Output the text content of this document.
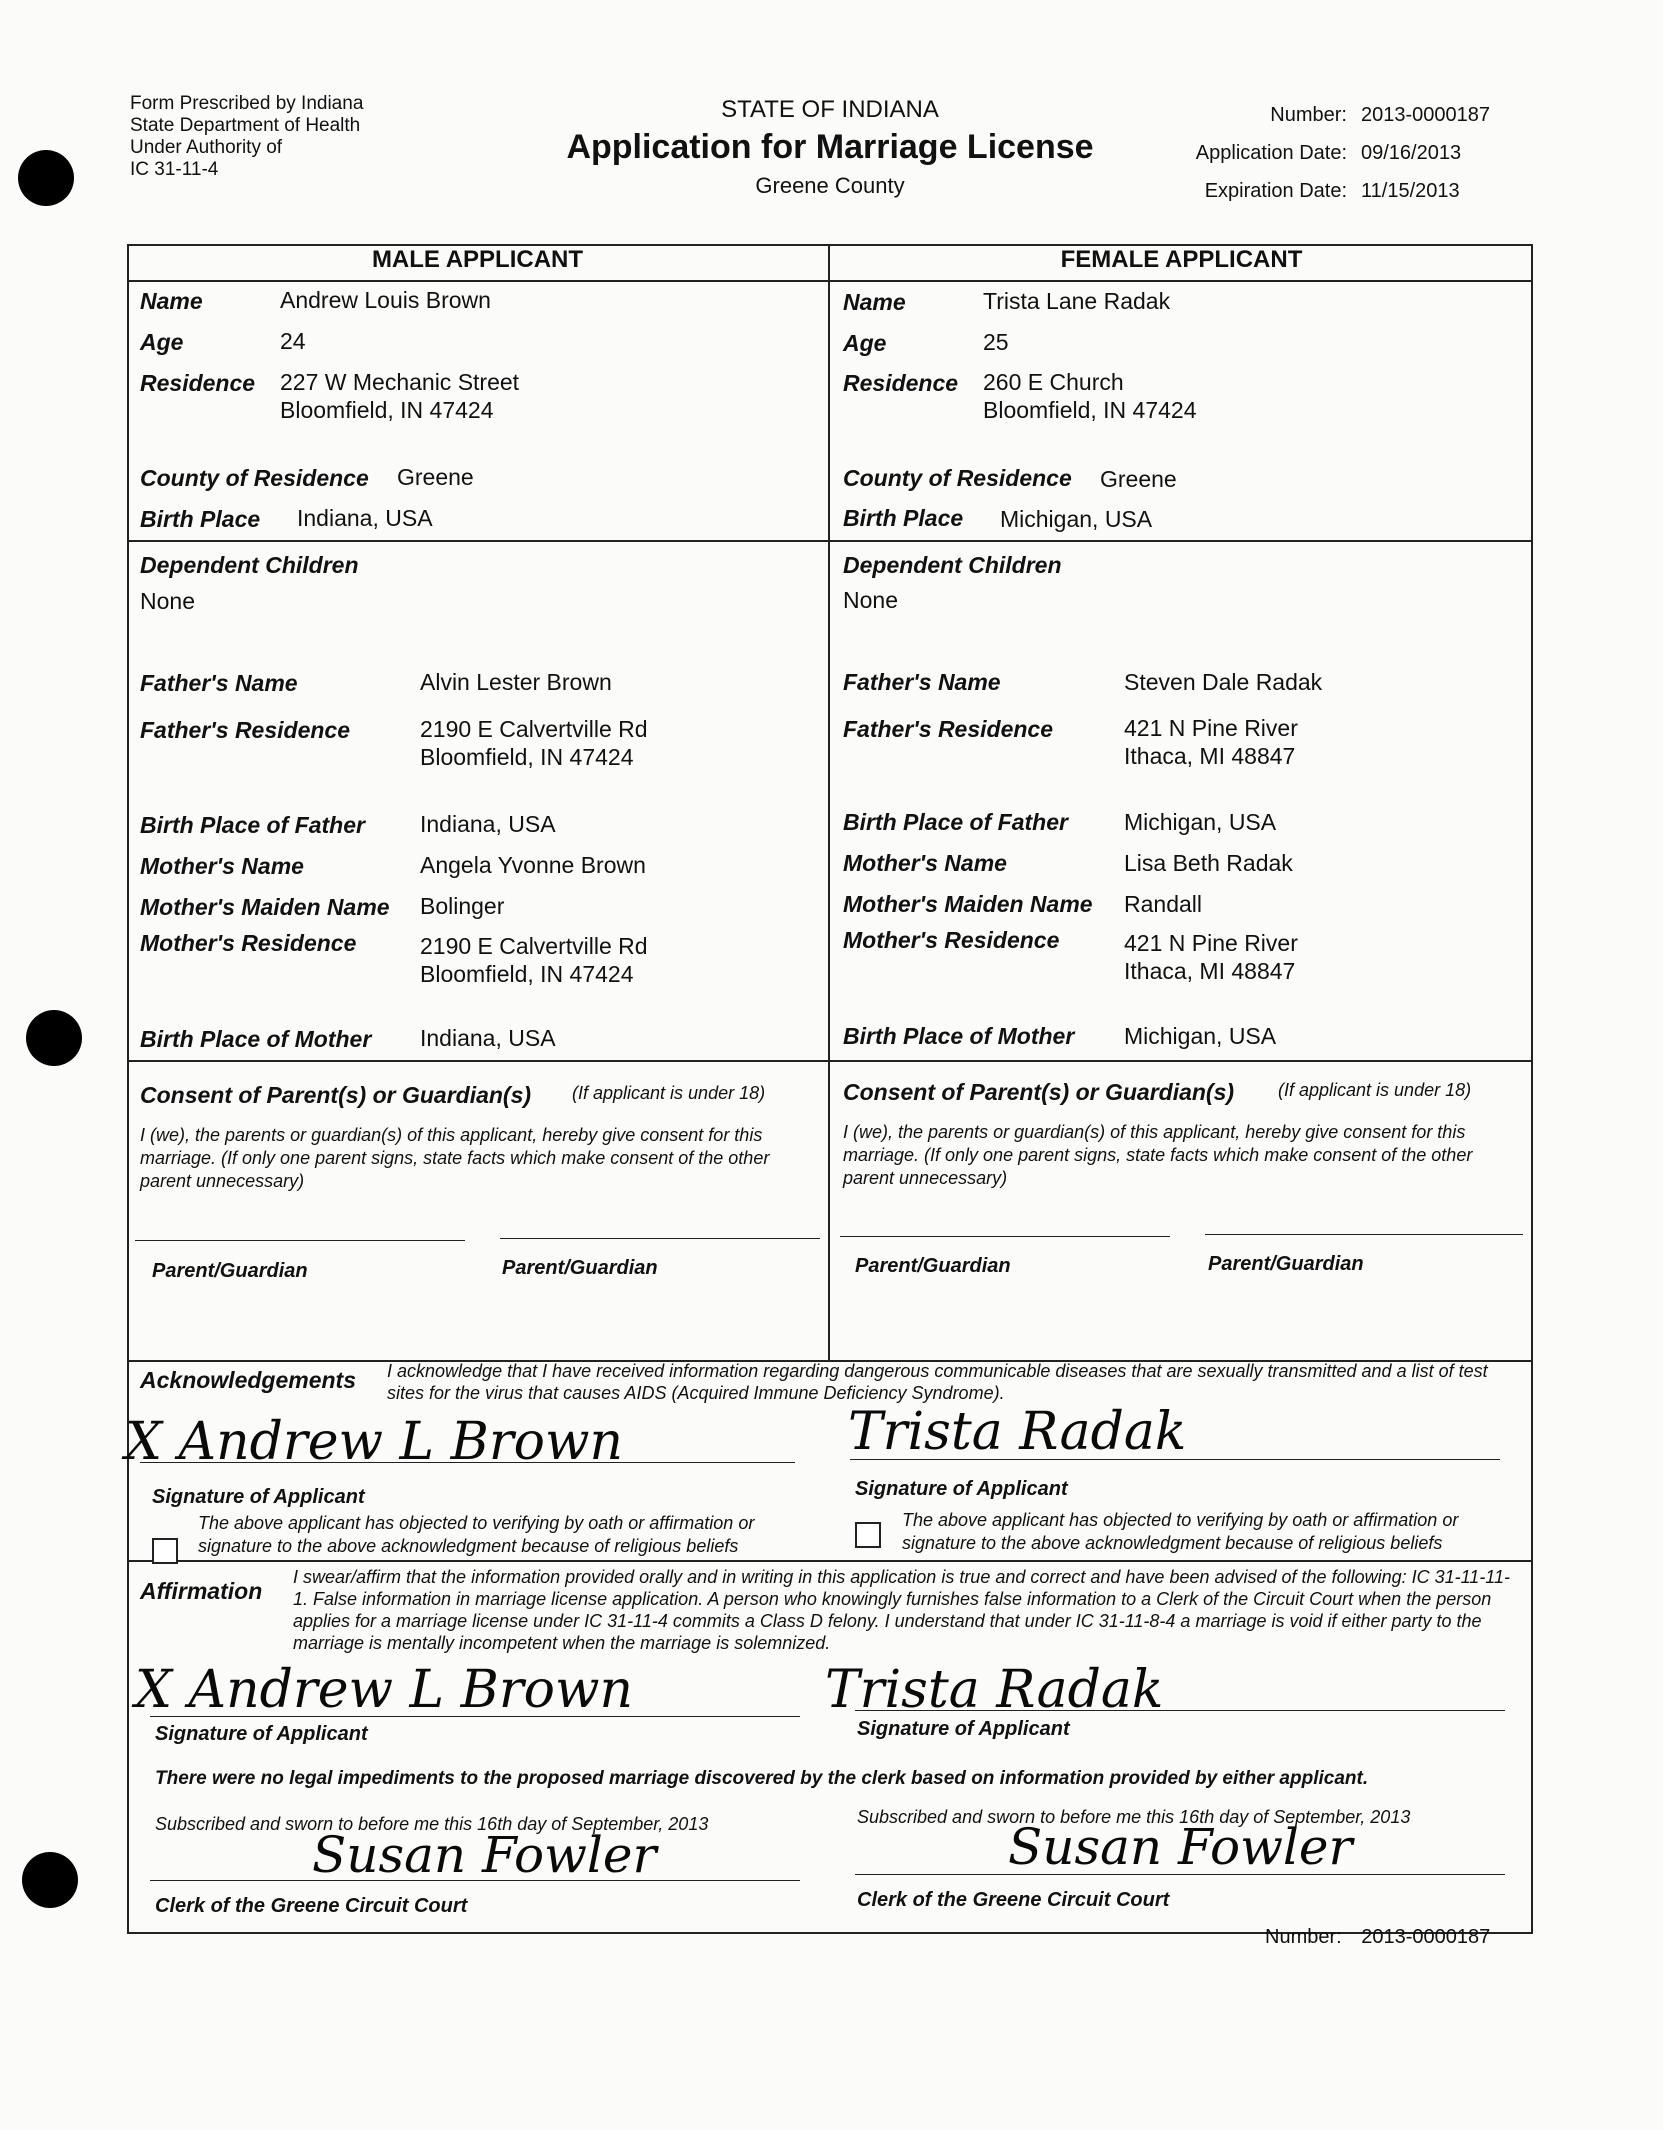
Form Prescribed by Indiana
State Department of Health
Under Authority of
IC 31-11-4
STATE OF INDIANA
Application for Marriage License
Greene County
Number: 2013-0000187
Application Date: 09/16/2013
Expiration Date: 11/15/2013
MALE APPLICANT	FEMALE APPLICANT
Name	Andrew Louis Brown
Age	24
Residence 227 W Mechanic Street
Bloomfield, IN 47424
County of Residence Greene
Birth Place Indiana, USA
Dependent Children
None
Father's Name	Alvin Lester Brown
Father's Residence	2190 E Calvertville Rd
Bloomfield, IN 47424
Birth Place of Father Indiana, USA
Mother's Name	Angela Yvonne Brown
Mother's Maiden Name Bolinger
Mother's Residence	2190 E Calvertville Rd
Bloomfield, IN 47424
Birth Place of Mother Indiana, USA
Consent of Parent(s) or Guardian(s) (If applicant is under 18)
I (we), the parents or guardian(s) of this applicant, hereby give consent for this marriage. (If only one parent signs, state facts which make consent of the other parent unnecessary)
Parent/Guardian	Parent/Guardian
Name	Trista Lane Radak
Age	25
Residence 260 E Church
Bloomfield, IN 47424
County of Residence Greene
Birth Place Michigan, USA
Dependent Children
None
Father's Name	Steven Dale Radak
Father's Residence	421 N Pine River
Ithaca, MI 48847
Birth Place of Father Michigan, USA
Mother's Name	Lisa Beth Radak
Mother's Maiden Name Randall
Mother's Residence	421 N Pine River
Ithaca, MI 48847
Birth Place of Mother Michigan, USA
Consent of Parent(s) or Guardian(s) (If applicant is under 18)
I (we), the parents or guardian(s) of this applicant, hereby give consent for this marriage. (If only one parent signs, state facts which make consent of the other parent unnecessary)
Parent/Guardian	Parent/Guardian
Acknowledgements I acknowledge that I have received information regarding dangerous communicable diseases that are sexually transmitted and a list of test sites for the virus that causes AIDS (Acquired Immune Deficiency Syndrome).
X Andrew L Brown	Trista Radak
Signature of Applicant	Signature of Applicant
The above applicant has objected to verifying by oath or affirmation or signature to the above acknowledgment because of religious beliefs
The above applicant has objected to verifying by oath or affirmation or signature to the above acknowledgment because of religious beliefs
Affirmation
I swear/affirm that the information provided orally and in writing in this application is true and correct and have been advised of the following: IC 31-11-11-1. False information in marriage license application. A person who knowingly furnishes false information to a Clerk of the Circuit Court when the person applies for a marriage license under IC 31-11-4 commits a Class D felony. I understand that under IC 31-11-8-4 a marriage is void if either party to the marriage is mentally incompetent when the marriage is solemnized.
X Andrew L Brown	Trista Radak
Signature of Applicant	Signature of Applicant
There were no legal impediments to the proposed marriage discovered by the clerk based on information provided by either applicant.
Subscribed and sworn to before me this 16th day of September, 2013	Subscribed and sworn to before me this 16th day of September, 2013
Susan Fowler	Susan Fowler
Clerk of the Greene Circuit Court	Clerk of the Greene Circuit Court
Number: 2013-0000187
